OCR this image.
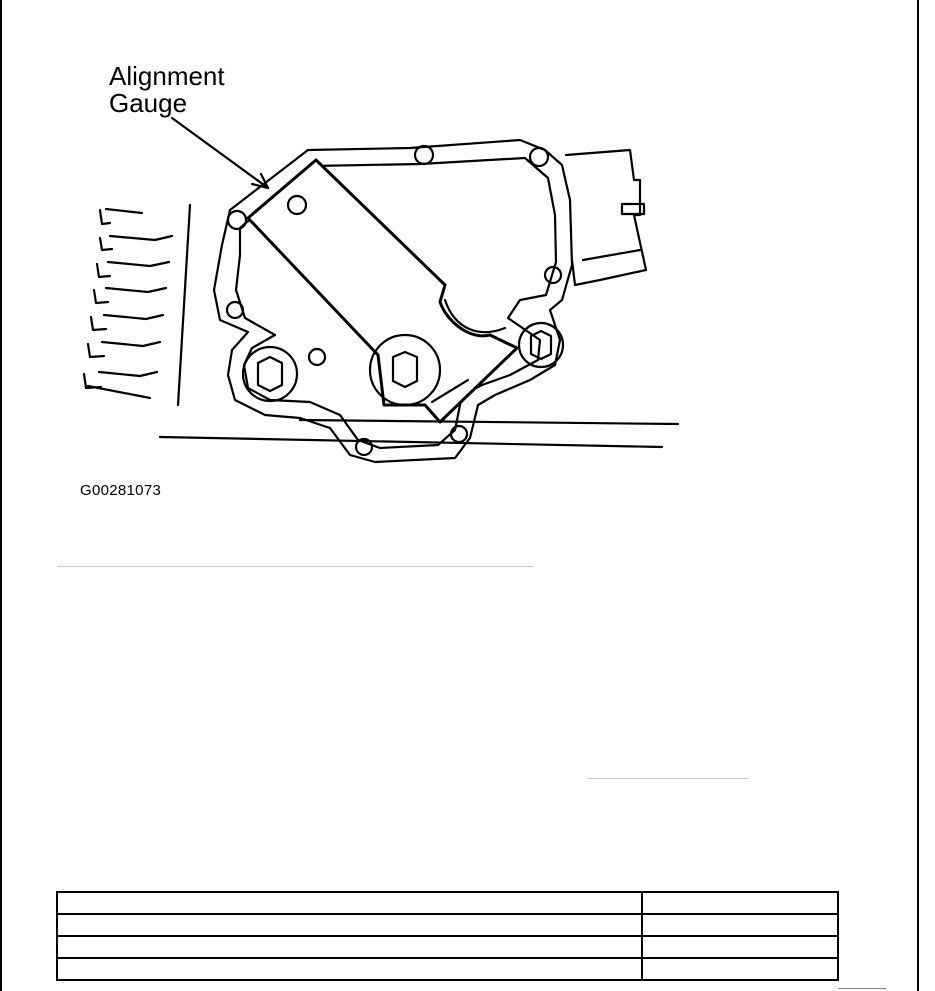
Alignment
Gauge
G00281073
